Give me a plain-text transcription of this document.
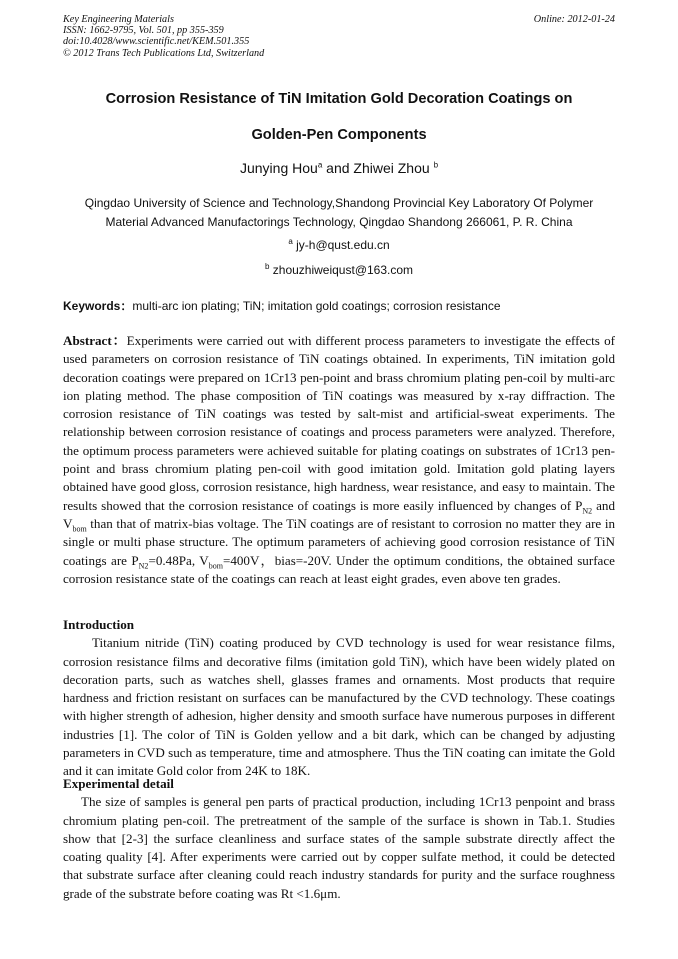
Key Engineering Materials
ISSN: 1662-9795, Vol. 501, pp 355-359
doi:10.4028/www.scientific.net/KEM.501.355
© 2012 Trans Tech Publications Ltd, Switzerland
Online: 2012-01-24
Corrosion Resistance of TiN Imitation Gold Decoration Coatings on
Golden-Pen Components
Junying Hou$^a$ and Zhiwei Zhou $^b$
Qingdao University of Science and Technology,Shandong Provincial Key Laboratory Of Polymer
Material Advanced Manufactorings Technology, Qingdao Shandong 266061, P. R. China
$^a$ jy-h@qust.edu.cn
$^b$ zhouzhiweiqust@163.com
Keywords：multi-arc ion plating; TiN; imitation gold coatings; corrosion resistance
Abstract：Experiments were carried out with different process parameters to investigate the effects of used parameters on corrosion resistance of TiN coatings obtained. In experiments, TiN imitation gold decoration coatings were prepared on 1Cr13 pen-point and brass chromium plating pen-coil by multi-arc ion plating method. The phase composition of TiN coatings was measured by x-ray diffraction. The corrosion resistance of TiN coatings was tested by salt-mist and artificial-sweat experiments. The relationship between corrosion resistance of coatings and process parameters were analyzed. Therefore, the optimum process parameters were achieved suitable for plating coatings on substrates of 1Cr13 pen-point and brass chromium plating pen-coil with good imitation gold. Imitation gold plating layers obtained have good gloss, corrosion resistance, high hardness, wear resistance, and easy to maintain. The results showed that the corrosion resistance of coatings is more easily influenced by changes of $P_{N2}$ and $V_{bom}$ than that of matrix-bias voltage. The TiN coatings are of resistant to corrosion no matter they are in single or multi phase structure. The optimum parameters of achieving good corrosion resistance of TiN coatings are $P_{N2}=0.48Pa$, $V_{bom}=400V$，bias=-20V. Under the optimum conditions, the obtained surface corrosion resistance state of the coatings can reach at least eight grades, even above ten grades.
Introduction
Titanium nitride (TiN) coating produced by CVD technology is used for wear resistance films, corrosion resistance films and decorative films (imitation gold TiN), which have been widely plated on decoration parts, such as watches shell, glasses frames and ornaments. Most products that require hardness and friction resistant on surfaces can be manufactured by the CVD technology. These coatings with higher strength of adhesion, higher density and smooth surface have numerous purposes in different industries [1]. The color of TiN is Golden yellow and a bit dark, which can be changed by adjusting parameters in CVD such as temperature, time and atmosphere. Thus the TiN coating can imitate the Gold and it can imitate Gold color from 24K to 18K.
Experimental detail
The size of samples is general pen parts of practical production, including 1Cr13 penpoint and brass chromium plating pen-coil. The pretreatment of the sample of the surface is shown in Tab.1. Studies show that [2-3] the surface cleanliness and surface states of the sample substrate directly affect the coating quality [4]. After experiments were carried out by copper sulfate method, it could be detected that substrate surface after cleaning could reach industry standards for purity and the surface roughness grade of the substrate before coating was Rt <1.6μm.
